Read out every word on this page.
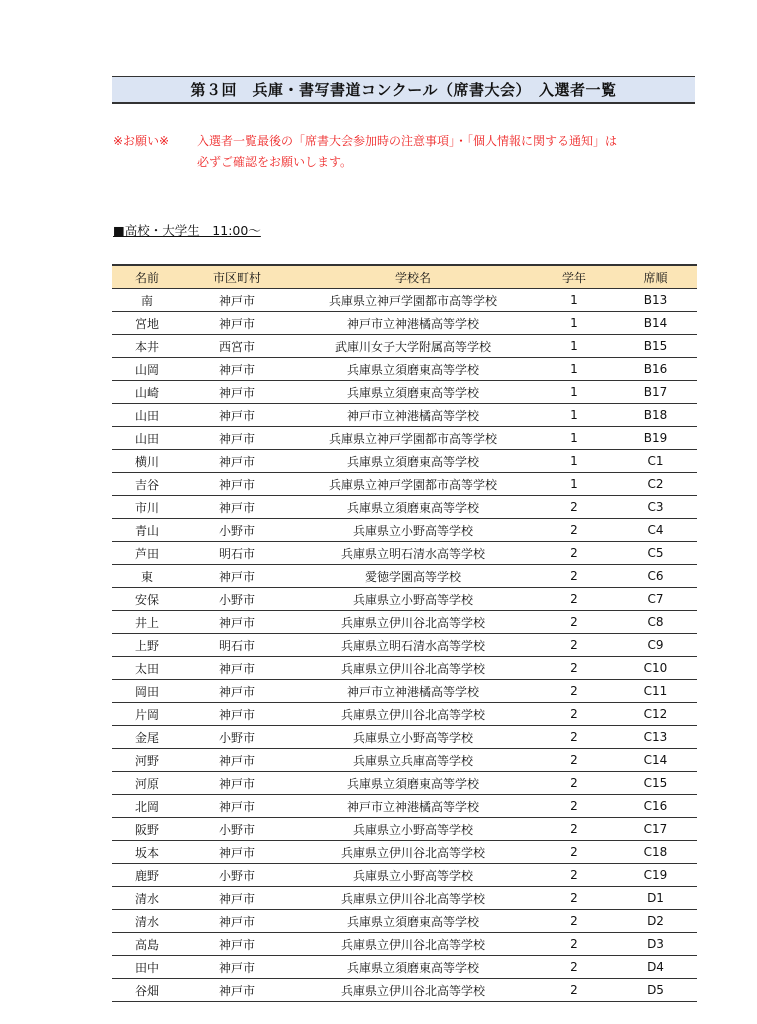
第３回　兵庫・書写書道コンクール（席書大会）　入選者一覧
※お願い※	入選者一覧最後の「席書大会参加時の注意事項」・「個人情報に関する通知」は
必ずご確認をお願いします。
■高校・大学生　11:00～
名前	市区町村	学校名	学年	席順
南	神戸市	兵庫県立神戸学園都市高等学校	1	B13
宮地	神戸市	神戸市立神港橘高等学校	1	B14
本井	西宮市	武庫川女子大学附属高等学校	1	B15
山岡	神戸市	兵庫県立須磨東高等学校	1	B16
山崎	神戸市	兵庫県立須磨東高等学校	1	B17
山田	神戸市	神戸市立神港橘高等学校	1	B18
山田	神戸市	兵庫県立神戸学園都市高等学校	1	B19
横川	神戸市	兵庫県立須磨東高等学校	1	C1
吉谷	神戸市	兵庫県立神戸学園都市高等学校	1	C2
市川	神戸市	兵庫県立須磨東高等学校	2	C3
青山	小野市	兵庫県立小野高等学校	2	C4
芦田	明石市	兵庫県立明石清水高等学校	2	C5
東	神戸市	愛徳学園高等学校	2	C6
安保	小野市	兵庫県立小野高等学校	2	C7
井上	神戸市	兵庫県立伊川谷北高等学校	2	C8
上野	明石市	兵庫県立明石清水高等学校	2	C9
太田	神戸市	兵庫県立伊川谷北高等学校	2	C10
岡田	神戸市	神戸市立神港橘高等学校	2	C11
片岡	神戸市	兵庫県立伊川谷北高等学校	2	C12
金尾	小野市	兵庫県立小野高等学校	2	C13
河野	神戸市	兵庫県立兵庫高等学校	2	C14
河原	神戸市	兵庫県立須磨東高等学校	2	C15
北岡	神戸市	神戸市立神港橘高等学校	2	C16
阪野	小野市	兵庫県立小野高等学校	2	C17
坂本	神戸市	兵庫県立伊川谷北高等学校	2	C18
鹿野	小野市	兵庫県立小野高等学校	2	C19
清水	神戸市	兵庫県立伊川谷北高等学校	2	D1
清水	神戸市	兵庫県立須磨東高等学校	2	D2
高島	神戸市	兵庫県立伊川谷北高等学校	2	D3
田中	神戸市	兵庫県立須磨東高等学校	2	D4
谷畑	神戸市	兵庫県立伊川谷北高等学校	2	D5
